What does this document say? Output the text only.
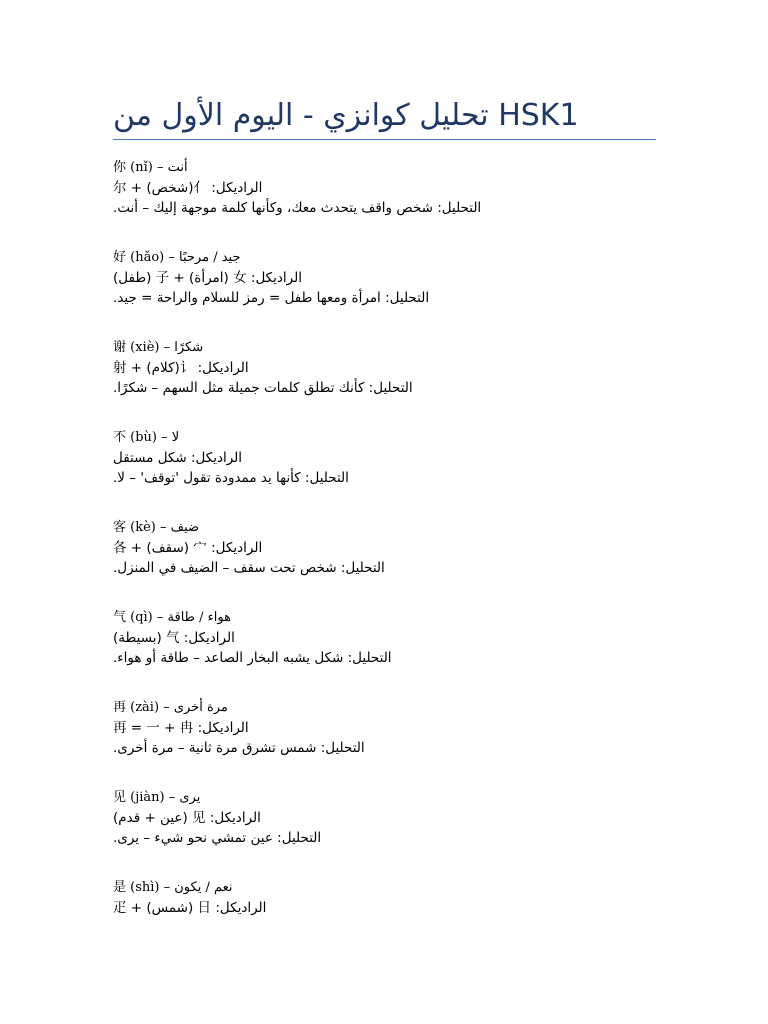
تحليل كوانزي - اليوم الأول من HSK1
你 (nǐ) – أنت
الراديكل: 亻(شخص) + 尔
التحليل: شخص واقف يتحدث معك، وكأنها كلمة موجهة إليك – أنت.
好 (hǎo) – جيد / مرحبًا
الراديكل: 女 (امرأة) + 子 (طفل)
التحليل: امرأة ومعها طفل = رمز للسلام والراحة = جيد.
谢 (xiè) – شكرًا
الراديكل: 讠(كلام) + 射
التحليل: كأنك تطلق كلمات جميلة مثل السهم – شكرًا.
不 (bù) – لا
الراديكل: شكل مستقل
التحليل: كأنها يد ممدودة تقول 'توقف' – لا.
客 (kè) – ضيف
الراديكل: 宀 (سقف) + 各
التحليل: شخص تحت سقف – الضيف في المنزل.
气 (qì) – هواء / طاقة
الراديكل: 气 (بسيطة)
التحليل: شكل يشبه البخار الصاعد – طاقة أو هواء.
再 (zài) – مرة أخرى
الراديكل: 再 = 一 + 冉
التحليل: شمس تشرق مرة ثانية – مرة أخرى.
见 (jiàn) – يرى
الراديكل: 见 (عين + قدم)
التحليل: عين تمشي نحو شيء – يرى.
是 (shì) – نعم / يكون
الراديكل: 日 (شمس) + 疋
